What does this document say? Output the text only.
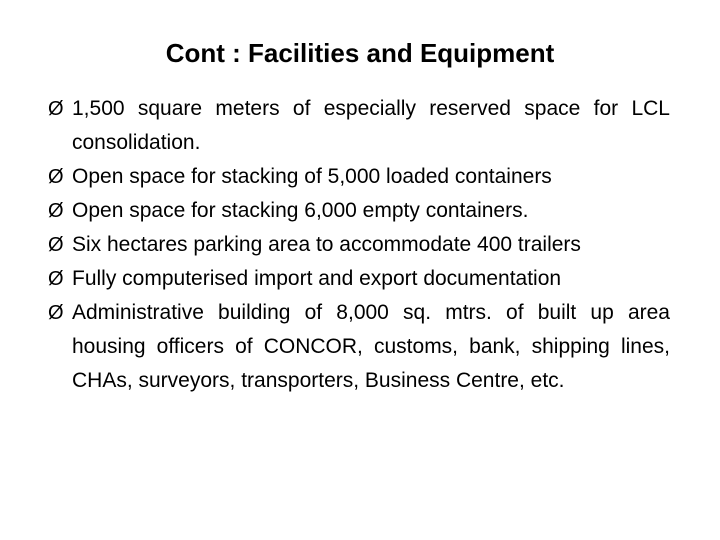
Cont : Facilities and Equipment
Ø 1,500 square meters of especially reserved space for LCL consolidation.
Ø Open space for stacking of 5,000 loaded containers
Ø Open space for stacking 6,000 empty containers.
Ø Six hectares parking area to accommodate 400 trailers
Ø Fully computerised import and export documentation
Ø Administrative building of 8,000 sq. mtrs. of built up area housing officers of CONCOR, customs, bank, shipping lines, CHAs, surveyors, transporters, Business Centre, etc.
